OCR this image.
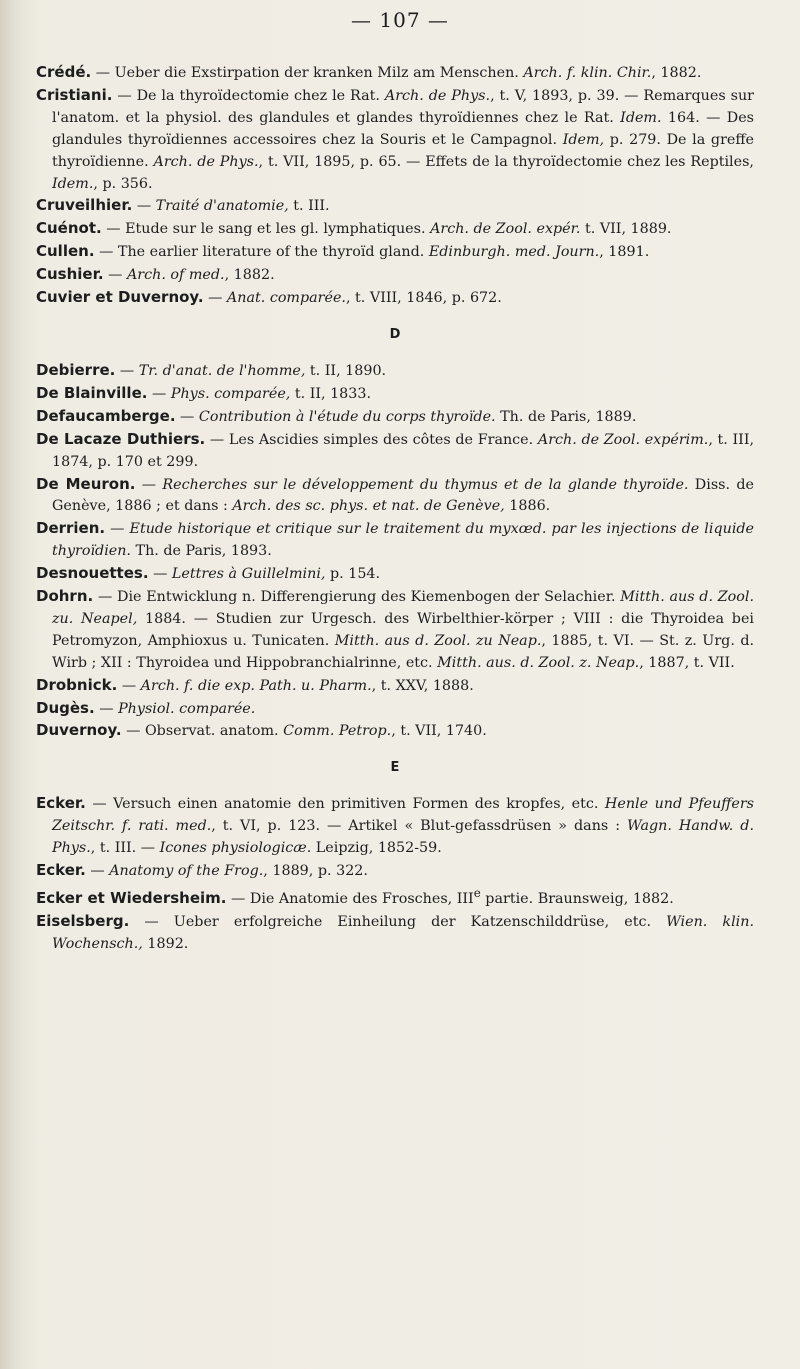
— 107 —

Crédé. — Ueber die Exstirpation der kranken Milz am Menschen. Arch. f. klin. Chir., 1882.

Cristiani. — De la thyroïdectomie chez le Rat. Arch. de Phys., t. V, 1893, p. 39. — Remarques sur l'anatom. et la physiol. des glandules et glandes thyroïdiennes chez le Rat. Idem. 164. — Des glandules thyroïdiennes accessoires chez la Souris et le Campagnol. Idem, p. 279. De la greffe thyroïdienne. Arch. de Phys., t. VII, 1895, p. 65. — Effets de la thyroïdectomie chez les Reptiles, Idem., p. 356.

Cruveilhier. — Traité d'anatomie, t. III.

Cuénot. — Etude sur le sang et les gl. lymphatiques. Arch. de Zool. expér. t. VII, 1889.

Cullen. — The earlier literature of the thyroïd gland. Edinburgh. med. Journ., 1891.

Cushier. — Arch. of med., 1882.

Cuvier et Duvernoy. — Anat. comparée., t. VIII, 1846, p. 672.

D

Debierre. — Tr. d'anat. de l'homme, t. II, 1890.

De Blainville. — Phys. comparée, t. II, 1833.

Defaucamberge. — Contribution à l'étude du corps thyroïde. Th. de Paris, 1889.

De Lacaze Duthiers. — Les Ascidies simples des côtes de France. Arch. de Zool. expérim., t. III, 1874, p. 170 et 299.

De Meuron. — Recherches sur le développement du thymus et de la glande thyroïde. Diss. de Genève, 1886 ; et dans : Arch. des sc. phys. et nat. de Genève, 1886.

Derrien. — Etude historique et critique sur le traitement du myxœd. par les injections de liquide thyroïdien. Th. de Paris, 1893.

Desnouettes. — Lettres à Guillelmini, p. 154.

Dohrn. — Die Entwicklung n. Differengierung des Kiemenbogen der Selachier. Mitth. aus d. Zool. zu. Neapel, 1884. — Studien zur Urgesch. des Wirbelthier-körper ; VIII : die Thyroidea bei Petromyzon, Amphioxus u. Tunicaten. Mitth. aus d. Zool. zu Neap., 1885, t. VI. — St. z. Urg. d. Wirb ; XII : Thyroidea und Hippobranchialrinne, etc. Mitth. aus. d. Zool. z. Neap., 1887, t. VII.

Drobnick. — Arch. f. die exp. Path. u. Pharm., t. XXV, 1888.

Dugès. — Physiol. comparée.

Duvernoy. — Observat. anatom. Comm. Petrop., t. VII, 1740.

E

Ecker. — Versuch einen anatomie den primitiven Formen des kropfes, etc. Henle und Pfeuffers Zeitschr. f. rati. med., t. VI, p. 123. — Artikel « Blut-gefassdrüsen » dans : Wagn. Handw. d. Phys., t. III. — Icones physiologicæ. Leipzig, 1852-59.

Ecker. — Anatomy of the Frog., 1889, p. 322.

Ecker et Wiedersheim. — Die Anatomie des Frosches, IIIe partie. Braunsweig, 1882.

Eiselsberg. — Ueber erfolgreiche Einheilung der Katzenschilddrüse, etc. Wien. klin. Wochensch., 1892.
